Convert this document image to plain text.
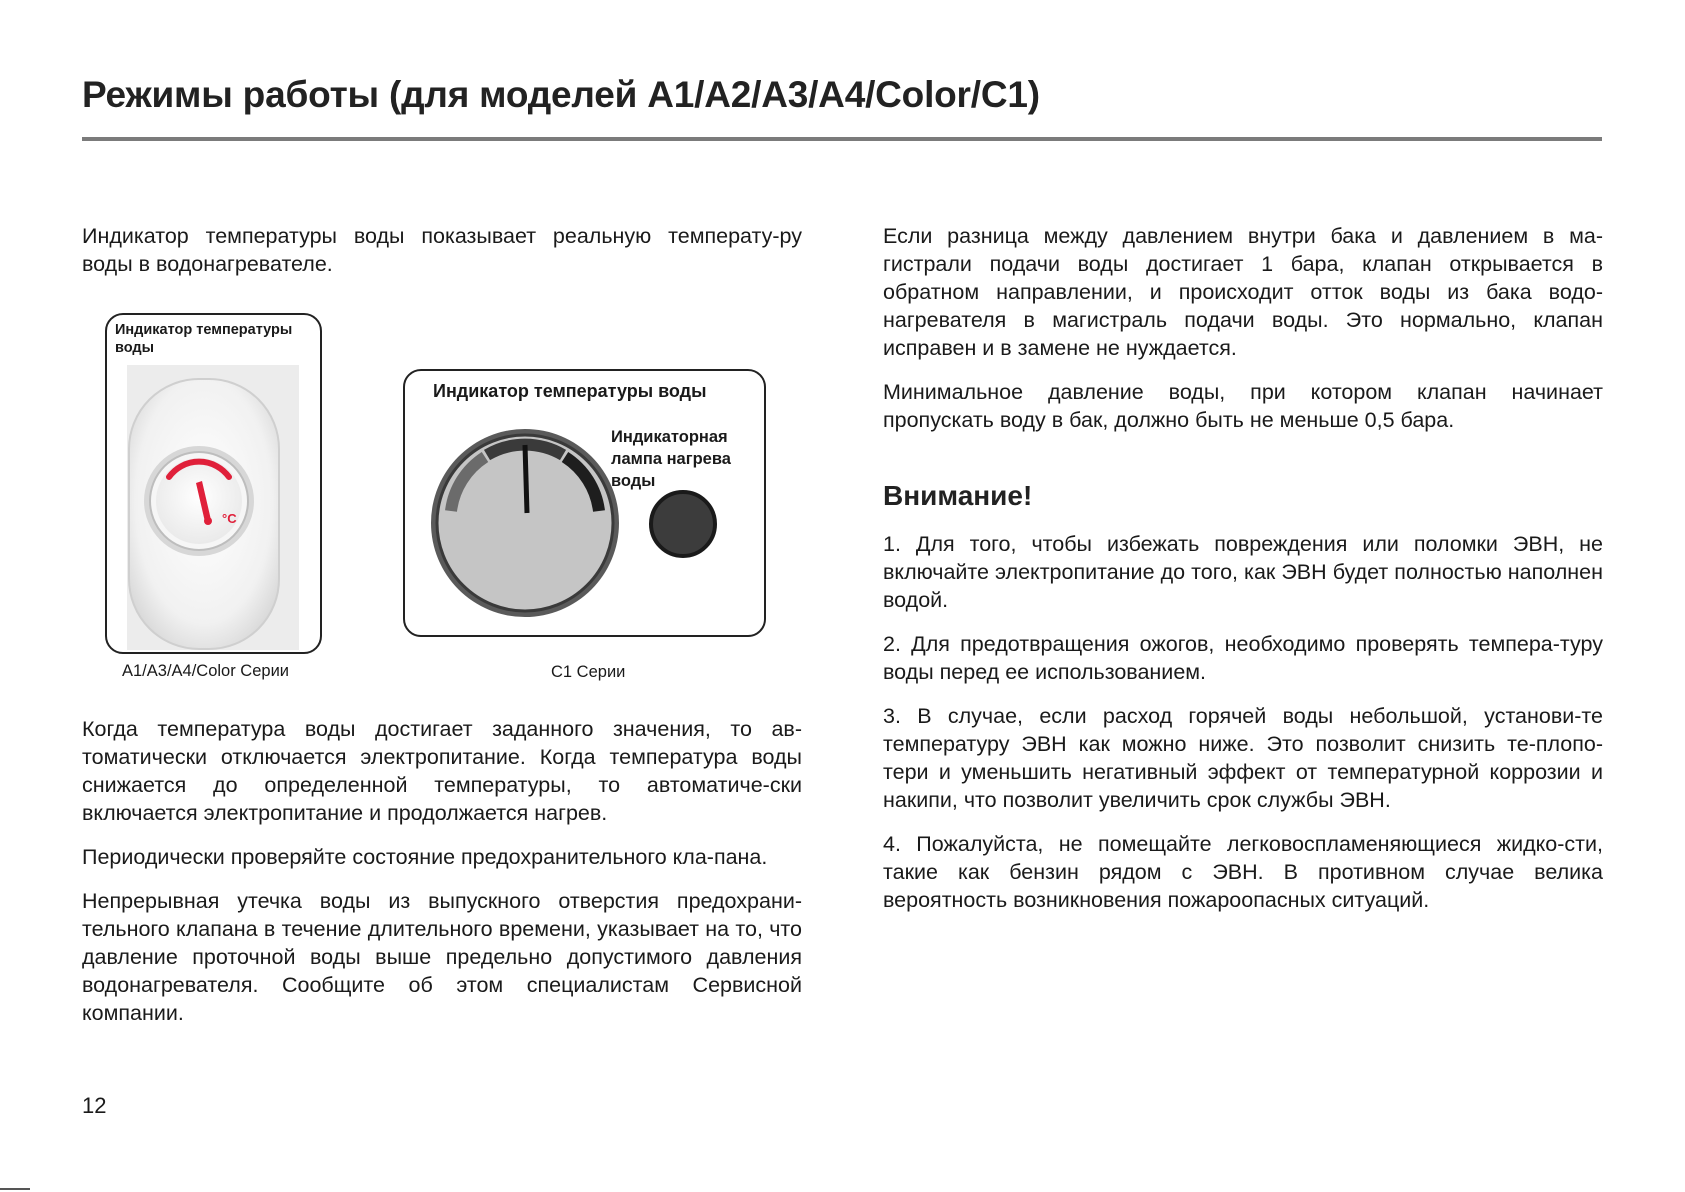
Режимы работы (для моделей A1/A2/A3/A4/Color/C1)

Индикатор температуры воды показывает реальную температу-ру воды в водонагревателе.

°C
Индикатор температуры воды
A1/A3/A4/Color Серии
Индикатор температуры воды
Индикаторная лампа нагрева воды
C1 Серии

Когда температура воды достигает заданного значения, то ав-томатически отключается электропитание. Когда температура воды снижается до определенной температуры, то автоматиче-ски включается электропитание и продолжается нагрев.

Периодически проверяйте состояние предохранительного кла-пана.

Непрерывная утечка воды из выпускного отверстия предохрани-тельного клапана в течение длительного времени, указывает на то, что давление проточной воды выше предельно допустимого давления водонагревателя. Сообщите об этом специалистам Сервисной компании.

Если разница между давлением внутри бака и давлением в ма-гистрали подачи воды достигает 1 бара, клапан открывается в обратном направлении, и происходит отток воды из бака водо-нагревателя в магистраль подачи воды. Это нормально, клапан исправен и в замене не нуждается.

Минимальное давление воды, при котором клапан начинает пропускать воду в бак, должно быть не меньше 0,5 бара.

Внимание!

1. Для того, чтобы избежать повреждения или поломки ЭВН, не включайте электропитание до того, как ЭВН будет полностью наполнен водой.

2. Для предотвращения ожогов, необходимо проверять темпера-туру воды перед ее использованием.

3. В случае, если расход горячей воды небольшой, установи-те температуру ЭВН как можно ниже. Это позволит снизить те-плопо- тери и уменьшить негативный эффект от температурной коррозии и накипи, что позволит увеличить срок службы ЭВН.

4. Пожалуйста, не помещайте легковоспламеняющиеся жидко-сти, такие как бензин рядом с ЭВН. В противном случае велика вероятность возникновения пожароопасных ситуаций.

12
